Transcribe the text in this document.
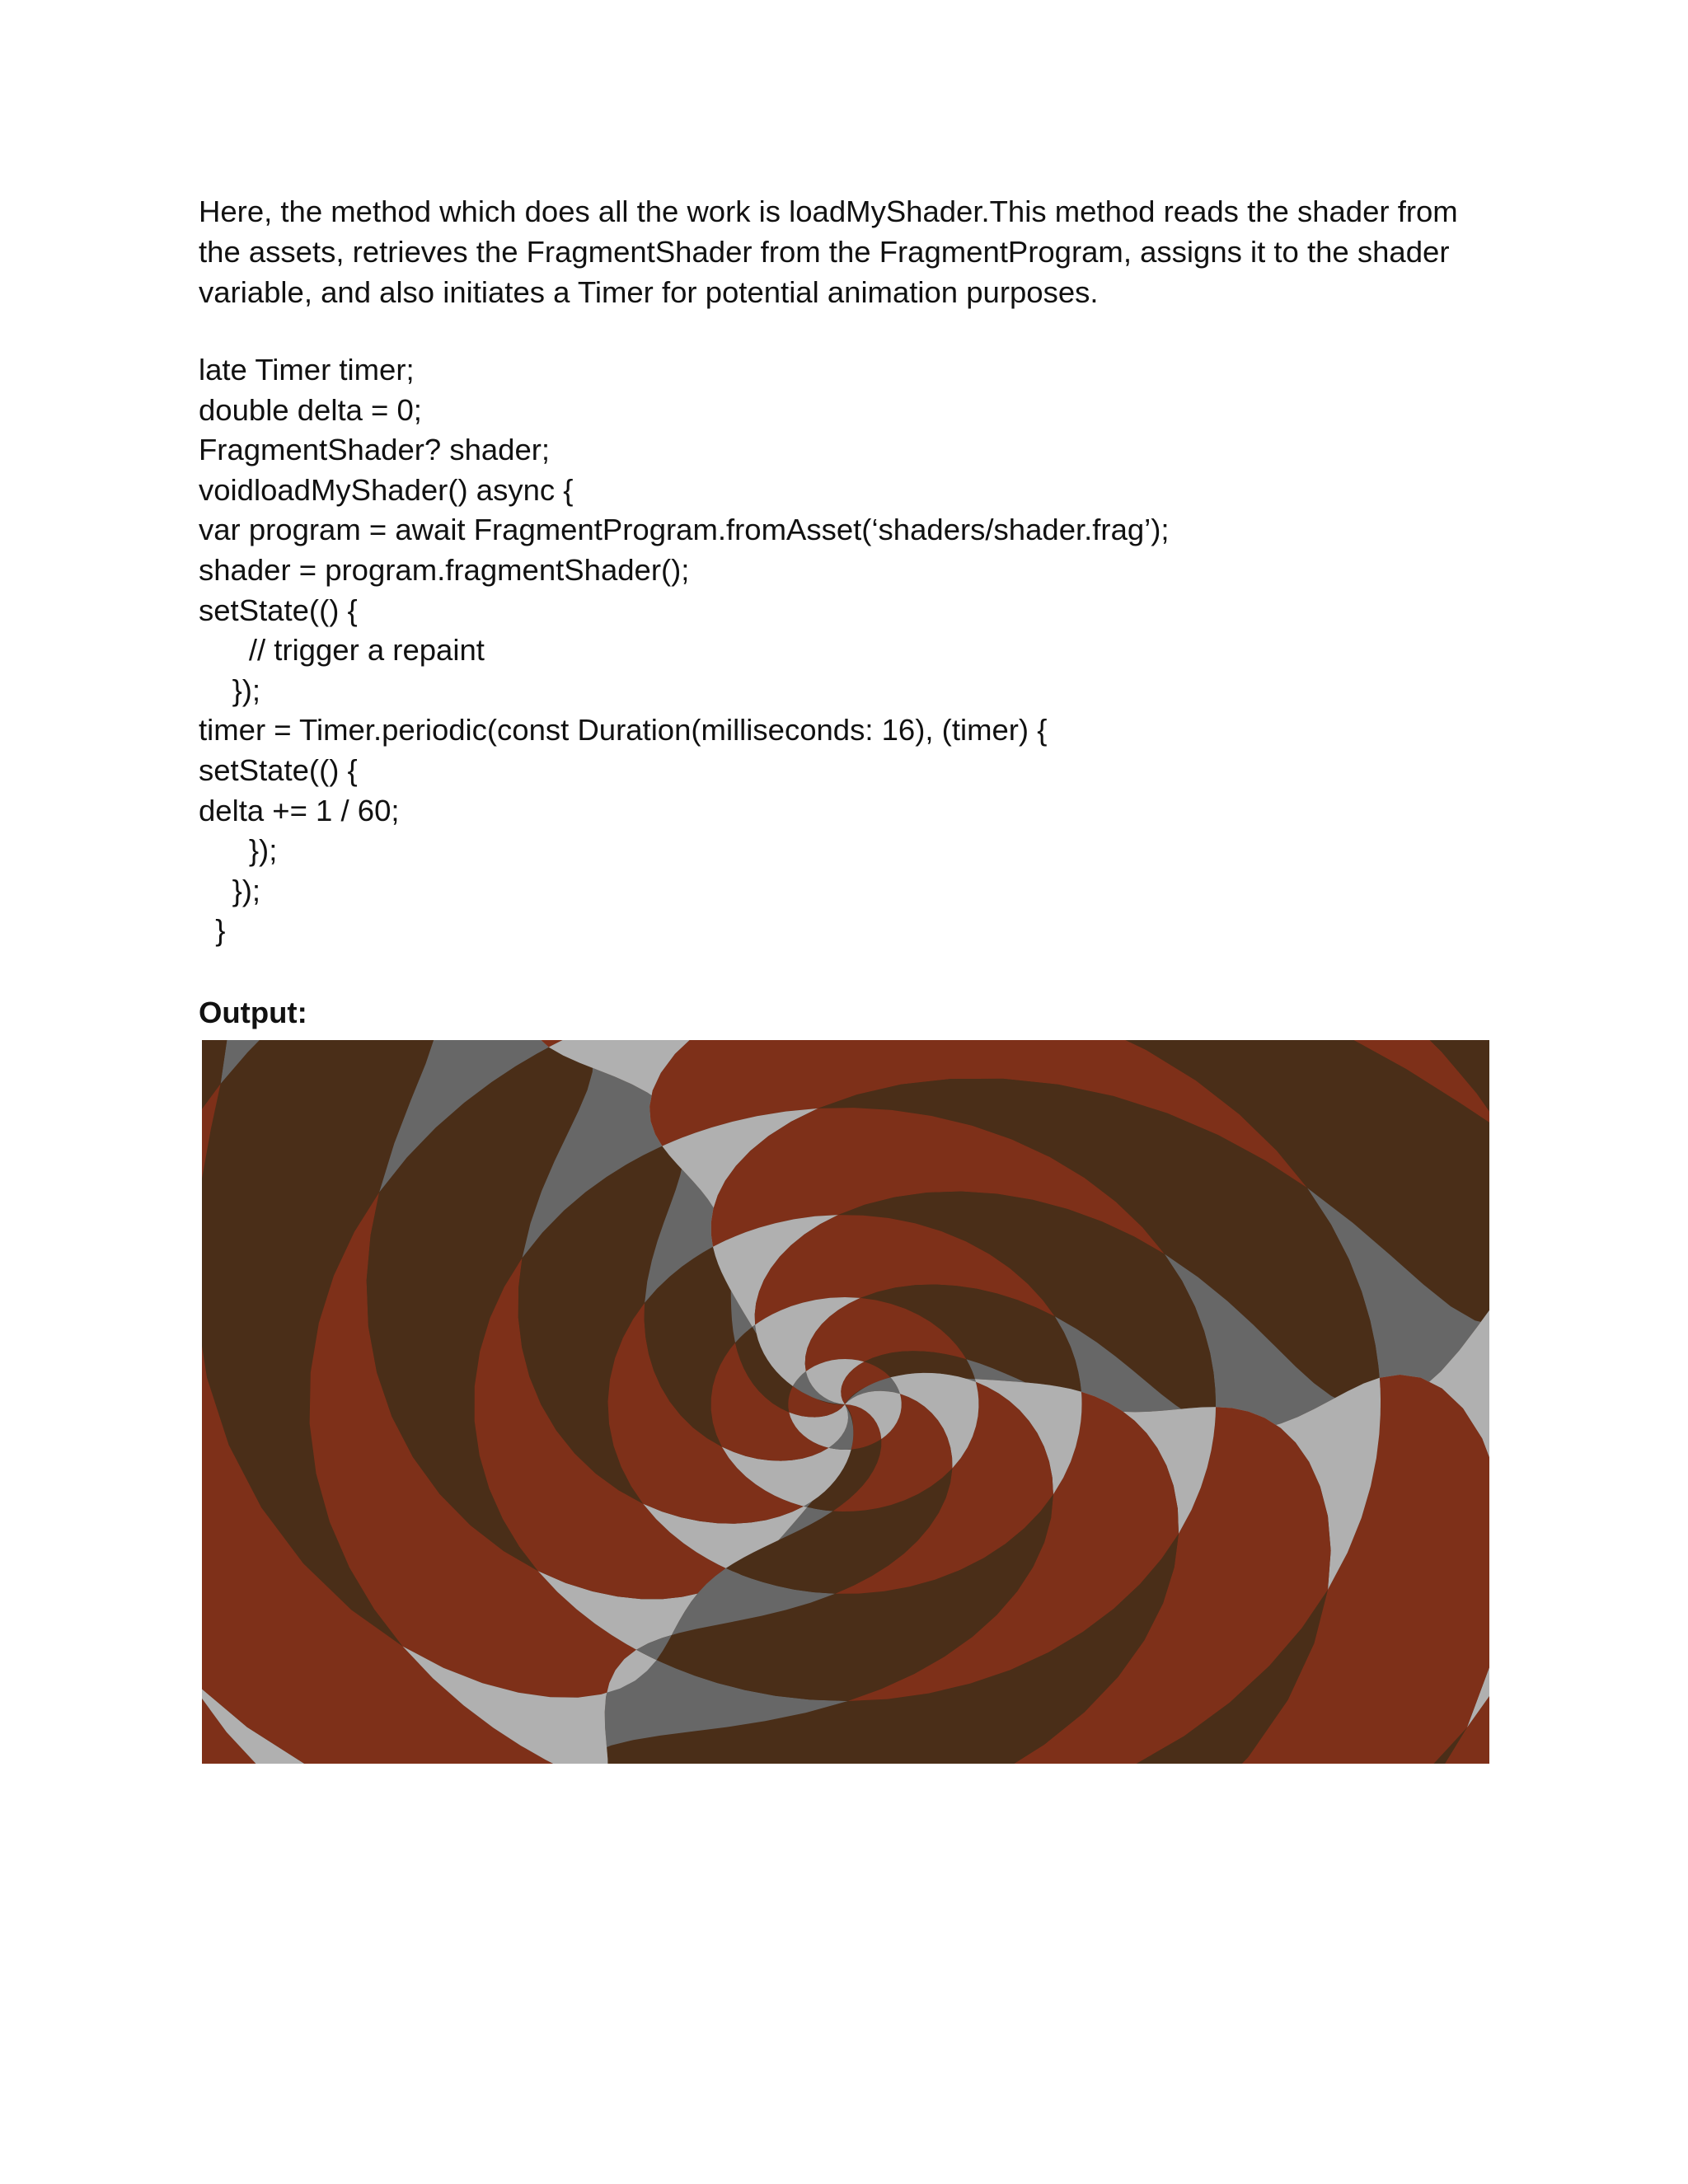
Here, the method which does all the work is loadMyShader.This method reads the shader from the assets, retrieves the FragmentShader from the FragmentProgram, assigns it to the shader variable, and also initiates a Timer for potential animation purposes.

late Timer timer;
double delta = 0;
FragmentShader? shader;
voidloadMyShader() async {
var program = await FragmentProgram.fromAsset(‘shaders/shader.frag’);
shader = program.fragmentShader();
setState(() {
// trigger a repaint
});
timer = Timer.periodic(const Duration(milliseconds: 16), (timer) {
setState(() {
delta += 1 / 60;
});
});
}

Output:
